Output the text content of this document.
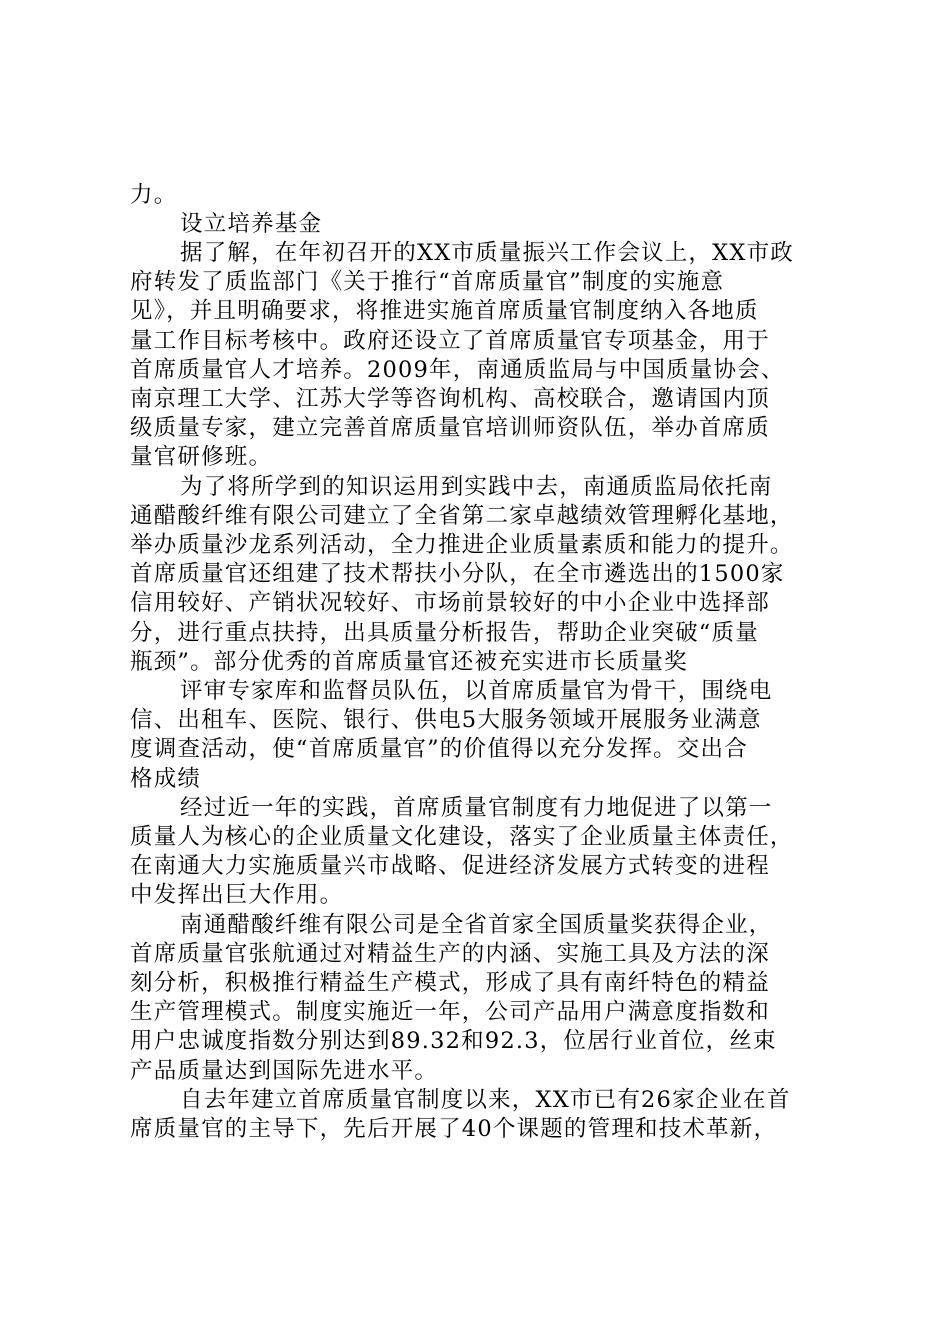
力。
设立培养基金
据了解，在年初召开的XX市质量振兴工作会议上，XX市政
府转发了质监部门《关于推行“首席质量官”制度的实施意
见》，并且明确要求，将推进实施首席质量官制度纳入各地质
量工作目标考核中。政府还设立了首席质量官专项基金，用于
首席质量官人才培养。2009年，南通质监局与中国质量协会、
南京理工大学、江苏大学等咨询机构、高校联合，邀请国内顶
级质量专家，建立完善首席质量官培训师资队伍，举办首席质
量官研修班。
为了将所学到的知识运用到实践中去，南通质监局依托南
通醋酸纤维有限公司建立了全省第二家卓越绩效管理孵化基地，
举办质量沙龙系列活动，全力推进企业质量素质和能力的提升。
首席质量官还组建了技术帮扶小分队，在全市遴选出的1500家
信用较好、产销状况较好、市场前景较好的中小企业中选择部
分，进行重点扶持，出具质量分析报告，帮助企业突破“质量
瓶颈”。部分优秀的首席质量官还被充实进市长质量奖
评审专家库和监督员队伍，以首席质量官为骨干，围绕电
信、出租车、医院、银行、供电5大服务领域开展服务业满意
度调查活动，使“首席质量官”的价值得以充分发挥。交出合
格成绩
经过近一年的实践，首席质量官制度有力地促进了以第一
质量人为核心的企业质量文化建设，落实了企业质量主体责任，
在南通大力实施质量兴市战略、促进经济发展方式转变的进程
中发挥出巨大作用。
南通醋酸纤维有限公司是全省首家全国质量奖获得企业，
首席质量官张航通过对精益生产的内涵、实施工具及方法的深
刻分析，积极推行精益生产模式，形成了具有南纤特色的精益
生产管理模式。制度实施近一年，公司产品用户满意度指数和
用户忠诚度指数分别达到89.32和92.3，位居行业首位，丝束
产品质量达到国际先进水平。
自去年建立首席质量官制度以来，XX市已有26家企业在首
席质量官的主导下，先后开展了40个课题的管理和技术革新，
